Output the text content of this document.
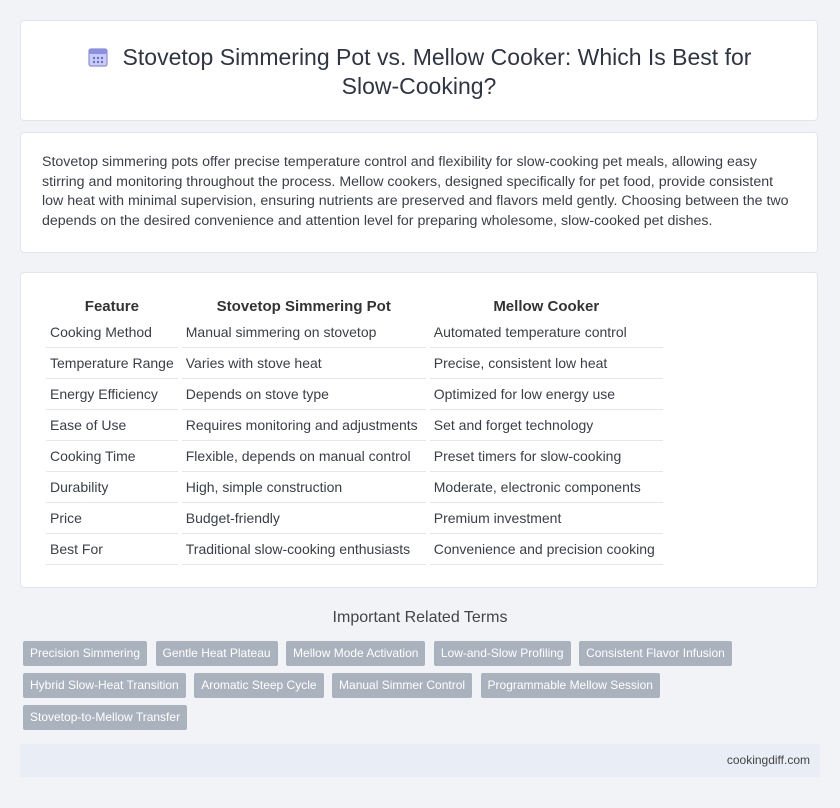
Stovetop Simmering Pot vs. Mellow Cooker: Which Is Best for Slow-Cooking?
Stovetop simmering pots offer precise temperature control and flexibility for slow-cooking pet meals, allowing easy stirring and monitoring throughout the process. Mellow cookers, designed specifically for pet food, provide consistent low heat with minimal supervision, ensuring nutrients are preserved and flavors meld gently. Choosing between the two depends on the desired convenience and attention level for preparing wholesome, slow-cooked pet dishes.
Feature	Stovetop Simmering Pot	Mellow Cooker
Cooking Method	Manual simmering on stovetop	Automated temperature control
Temperature Range	Varies with stove heat	Precise, consistent low heat
Energy Efficiency	Depends on stove type	Optimized for low energy use
Ease of Use	Requires monitoring and adjustments	Set and forget technology
Cooking Time	Flexible, depends on manual control	Preset timers for slow-cooking
Durability	High, simple construction	Moderate, electronic components
Price	Budget-friendly	Premium investment
Best For	Traditional slow-cooking enthusiasts	Convenience and precision cooking
Important Related Terms
Precision Simmering Gentle Heat Plateau Mellow Mode Activation Low-and-Slow Profiling Consistent Flavor Infusion Hybrid Slow-Heat Transition Aromatic Steep Cycle Manual Simmer Control Programmable Mellow Session Stovetop-to-Mellow Transfer
cookingdiff.com
